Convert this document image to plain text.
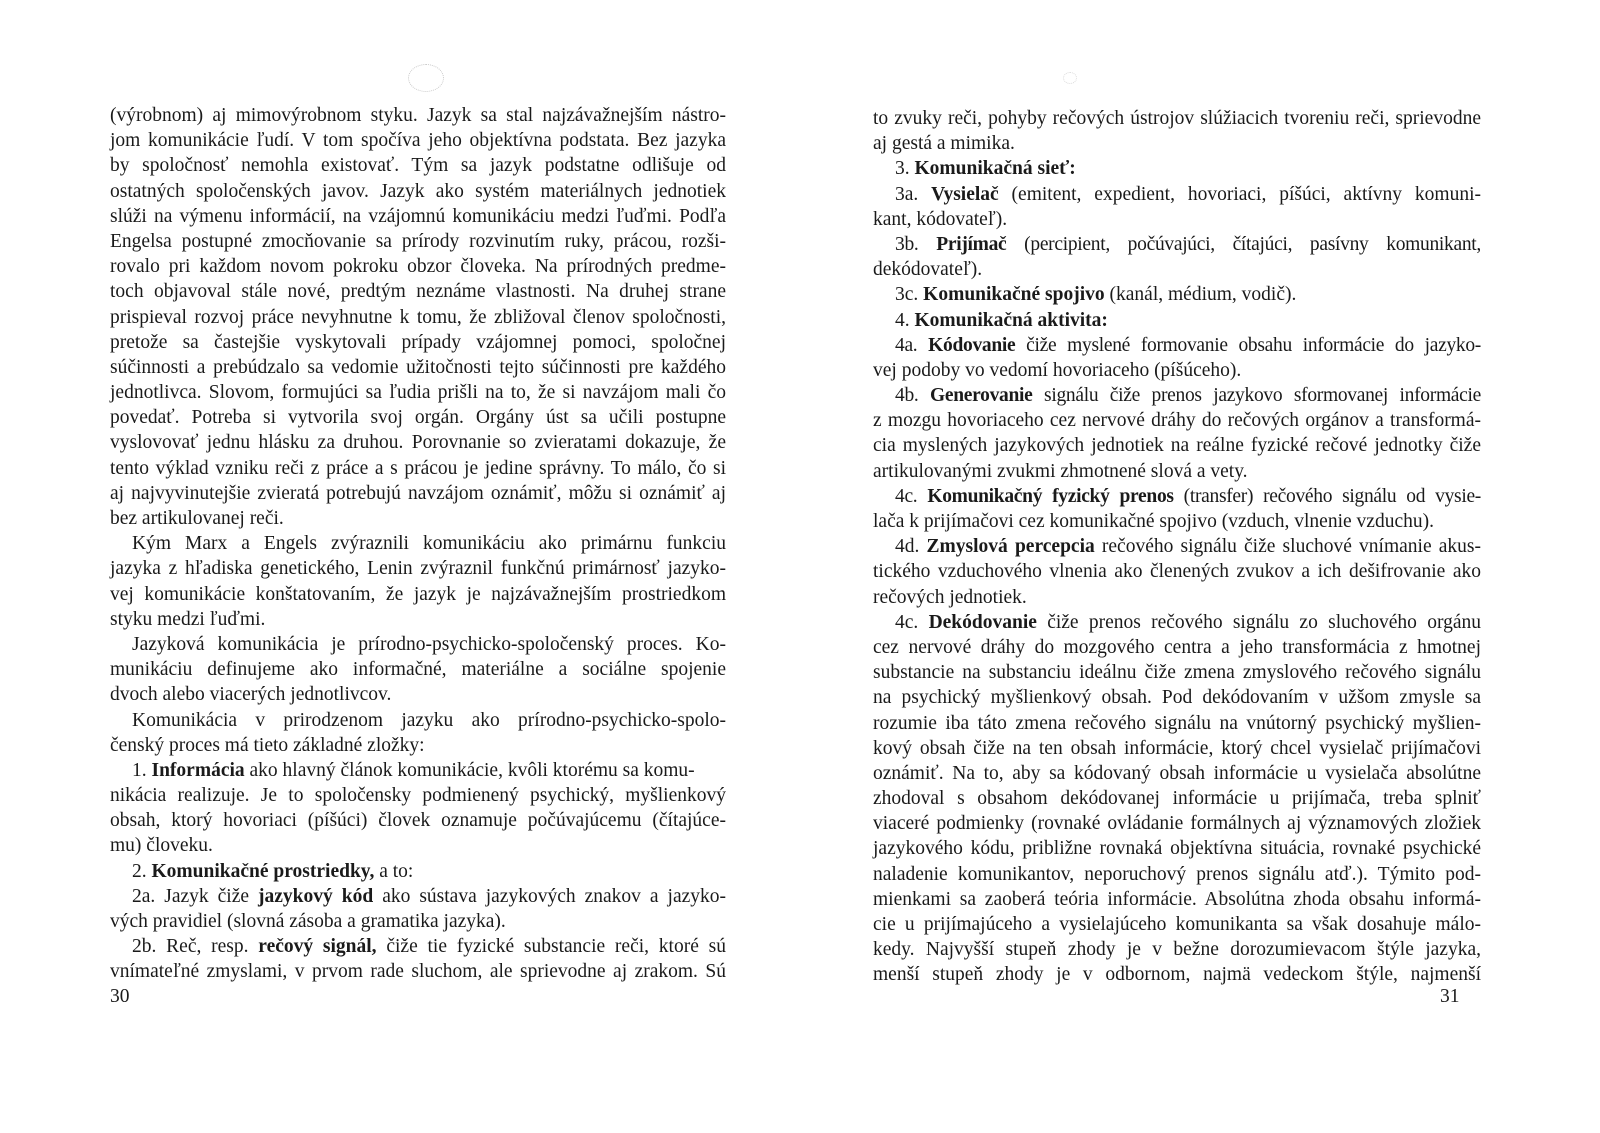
(výrobnom) aj mimovýrobnom styku. Jazyk sa stal najzávažnejším nástro-
jom komunikácie ľudí. V tom spočíva jeho objektívna podstata. Bez jazyka
by spoločnosť nemohla existovať. Tým sa jazyk podstatne odlišuje od
ostatných spoločenských javov. Jazyk ako systém materiálnych jednotiek
slúži na výmenu informácií, na vzájomnú komunikáciu medzi ľuďmi. Podľa
Engelsa postupné zmocňovanie sa prírody rozvinutím ruky, prácou, rozši-
rovalo pri každom novom pokroku obzor človeka. Na prírodných predme-
toch objavoval stále nové, predtým neznáme vlastnosti. Na druhej strane
prispieval rozvoj práce nevyhnutne k tomu, že zbližoval členov spoločnosti,
pretože sa častejšie vyskytovali prípady vzájomnej pomoci, spoločnej
súčinnosti a prebúdzalo sa vedomie užitočnosti tejto súčinnosti pre každého
jednotlivca. Slovom, formujúci sa ľudia prišli na to, že si navzájom mali čo
povedať. Potreba si vytvorila svoj orgán. Orgány úst sa učili postupne
vyslovovať jednu hlásku za druhou. Porovnanie so zvieratami dokazuje, že
tento výklad vzniku reči z práce a s prácou je jedine správny. To málo, čo si
aj najvyvinutejšie zvieratá potrebujú navzájom oznámiť, môžu si oznámiť aj
bez artikulovanej reči.
Kým Marx a Engels zvýraznili komunikáciu ako primárnu funkciu
jazyka z hľadiska genetického, Lenin zvýraznil funkčnú primárnosť jazyko-
vej komunikácie konštatovaním, že jazyk je najzávažnejším prostriedkom
styku medzi ľuďmi.
Jazyková komunikácia je prírodno-psychicko-spoločenský proces. Ko-
munikáciu definujeme ako informačné, materiálne a sociálne spojenie
dvoch alebo viacerých jednotlivcov.
Komunikácia v prirodzenom jazyku ako prírodno-psychicko-spolo-
čenský proces má tieto základné zložky:
1. Informácia ako hlavný článok komunikácie, kvôli ktorému sa komu-
nikácia realizuje. Je to spoločensky podmienený psychický, myšlienkový
obsah, ktorý hovoriaci (píšúci) človek oznamuje počúvajúcemu (čítajúce-
mu) človeku.
2. Komunikačné prostriedky, a to:
2a. Jazyk čiže jazykový kód ako sústava jazykových znakov a jazyko-
vých pravidiel (slovná zásoba a gramatika jazyka).
2b. Reč, resp. rečový signál, čiže tie fyzické substancie reči, ktoré sú
vnímateľné zmyslami, v prvom rade sluchom, ale sprievodne aj zrakom. Sú
30
to zvuky reči, pohyby rečových ústrojov slúžiacich tvoreniu reči, sprievodne
aj gestá a mimika.
3. Komunikačná sieť:
3a. Vysielač (emitent, expedient, hovoriaci, píšúci, aktívny komuni-
kant, kódovateľ).
3b. Prijímač (percipient, počúvajúci, čítajúci, pasívny komunikant,
dekódovateľ).
3c. Komunikačné spojivo (kanál, médium, vodič).
4. Komunikačná aktivita:
4a. Kódovanie čiže myslené formovanie obsahu informácie do jazyko-
vej podoby vo vedomí hovoriaceho (píšúceho).
4b. Generovanie signálu čiže prenos jazykovo sformovanej informácie
z mozgu hovoriaceho cez nervové dráhy do rečových orgánov a transformá-
cia myslených jazykových jednotiek na reálne fyzické rečové jednotky čiže
artikulovanými zvukmi zhmotnené slová a vety.
4c. Komunikačný fyzický prenos (transfer) rečového signálu od vysie-
lača k prijímačovi cez komunikačné spojivo (vzduch, vlnenie vzduchu).
4d. Zmyslová percepcia rečového signálu čiže sluchové vnímanie akus-
tického vzduchového vlnenia ako členených zvukov a ich dešifrovanie ako
rečových jednotiek.
4c. Dekódovanie čiže prenos rečového signálu zo sluchového orgánu
cez nervové dráhy do mozgového centra a jeho transformácia z hmotnej
substancie na substanciu ideálnu čiže zmena zmyslového rečového signálu
na psychický myšlienkový obsah. Pod dekódovaním v užšom zmysle sa
rozumie iba táto zmena rečového signálu na vnútorný psychický myšlien-
kový obsah čiže na ten obsah informácie, ktorý chcel vysielač prijímačovi
oznámiť. Na to, aby sa kódovaný obsah informácie u vysielača absolútne
zhodoval s obsahom dekódovanej informácie u prijímača, treba splniť
viaceré podmienky (rovnaké ovládanie formálnych aj významových zložiek
jazykového kódu, približne rovnaká objektívna situácia, rovnaké psychické
naladenie komunikantov, neporuchový prenos signálu atď.). Týmito pod-
mienkami sa zaoberá teória informácie. Absolútna zhoda obsahu informá-
cie u prijímajúceho a vysielajúceho komunikanta sa však dosahuje málo-
kedy. Najvyšší stupeň zhody je v bežne dorozumievacom štýle jazyka,
menší stupeň zhody je v odbornom, najmä vedeckom štýle, najmenší
31
